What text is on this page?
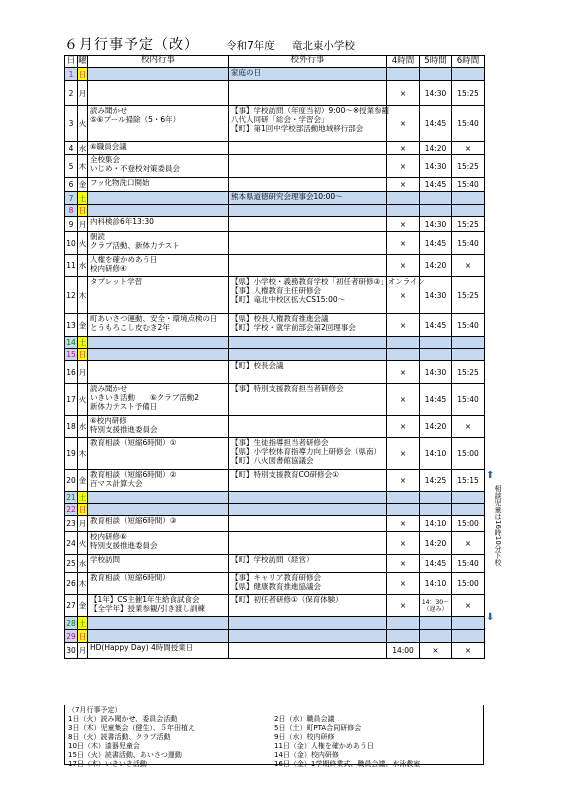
６月行事予定（改）	令和7年度 竜北東小学校
日	曜	校内行事	校外行事	4時間	5時間	6時間
1	日		家庭の日			

2	月			×	14:30	15:25
3	火	読み聞かせ
⑤⑥プール掃除（5・6年）	【事】学校訪問（年度当初）9:00～※授業参観
八代人同研「総会・学習会」
【町】第1回中学校部活動地域移行部会	×	14:45	15:40
4	水	⑥職員会議		×	14:20	×
5	木	全校集会
いじめ・不登校対策委員会		×	14:30	15:25
6	金	フッ化物洗口開始		×	14:45	15:40
7	土		熊本県道徳研究会理事会10:00～			

8	日					
9	月	内科検診6年13:30		×	14:30	15:25
10	火	朝読
クラブ活動、新体力テスト		×	14:45	15:40
11	水	人権を確かめあう日
校内研修④		×	14:20	×
12	木	タブレット学習	【県】小学校・義務教育学校「初任者研修③」オンライン
【事】人権教育主任研修会
【町】竜北中校区拡大CS15:00～	×	14:30	15:25
13	金	町あいさつ運動、安全・環境点検の日
とうもろこし皮むき2年	【県】校長人権教育推進会議
【町】学校・就学前部会第2回理事会	×	14:45	15:40
14	土					
15	日					
16	月		【町】校長会議	×	14:30	15:25
17	火	読み聞かせ
いきいき活動　　⑥クラブ活動2
新体力テスト予備日	【事】特別支援教育担当者研修会	×	14:45	15:40
18	水	⑥校内研修
特別支援推進委員会		×	14:20	×
19	木	教育相談（短縮6時間）①	【事】生徒指導担当者研修会
【県】小学校体育指導力向上研修会（県南）
【町】八火図書館協議会	×	14:10	15:00
20	金	教育相談（短縮6時間）②
百マス計算大会	【町】特別支援教育CO研修会①	×	14:25	15:15
21	土					
22	日					
23	月	教育相談（短縮6時間）③		×	14:10	15:00
24	火	校内研修⑥
特別支援推進委員会		×	14:20	×
25	水	学校訪問	【町】学校訪問（経営）	×	14:45	15:40
26	木	教育相談（短縮6時間）	【事】キャリア教育研修会
【県】健康教育推進協議会	×	14:10	15:00
27	金	【1年】CS主催1年生給食試食会
【全学年】授業参観/引き渡し訓練	【町】初任者研修①（保育体験）	×	14：30～（遅み）	×
28	土					
29	日					
30	月	HD(Happy Day) 4時間授業日		14:00	×	×
（7月行事予定）
1日（火）読み聞かせ、委員会活動
3日（木）児童集会（健生）、５年田植え
8日（火）読書活動、クラブ活動
10日（木）漆器児童会
15日（火）読書活動、あいさつ運動
17日（木）いきいき活動
2日（水）職員会議
5日（土）町PTA合同研修会
9日（水）校内研修
11日（金）人権を確かめあう日
14日（金）校内研修
16日（金）1学期終業式、職員会議、水泳教室
⬆
相談児童は16時10分下校
⬇
